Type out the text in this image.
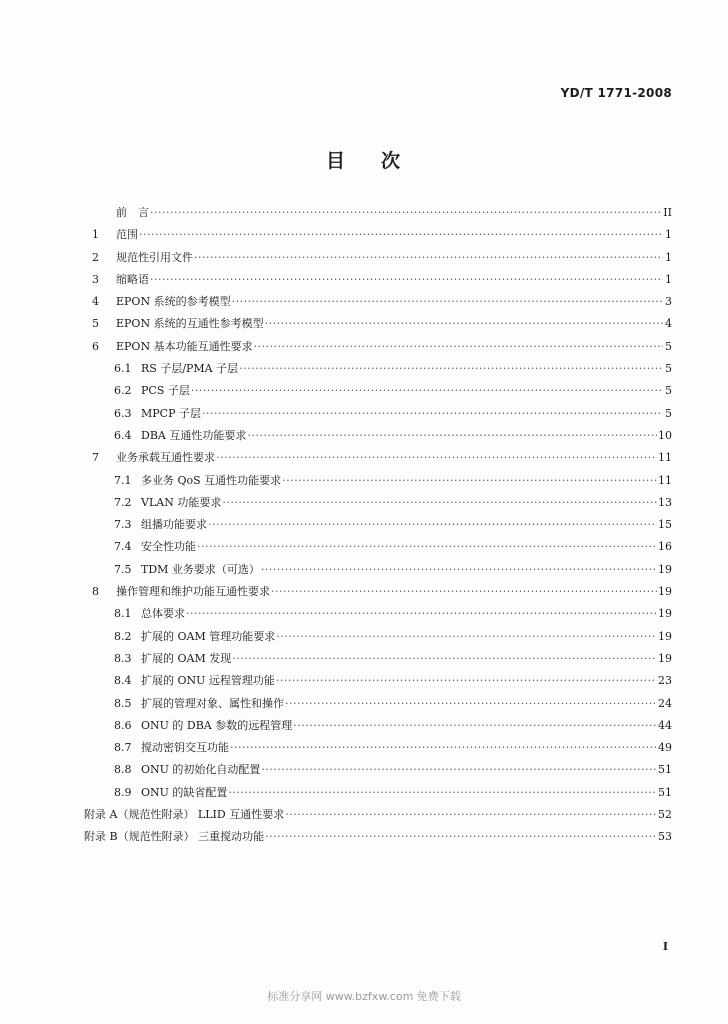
YD/T 1771-2008
目 次
前　言 ·····	II
1	范围 ·····	1
2	规范性引用文件 ·····	1
3	缩略语 ·····	1
4	EPON 系统的参考模型 ·····	3
5	EPON 系统的互通性参考模型 ·····	4
6	EPON 基本功能互通性要求 ·····	5
6.1 RS 子层/PMA 子层 ·····	5
6.2 PCS 子层 ·····	5
6.3 MPCP 子层 ·····	5
6.4 DBA 互通性功能要求 ·····	10
7	业务承载互通性要求 ·····	11
7.1 多业务 QoS 互通性功能要求 ·····	11
7.2 VLAN 功能要求 ·····	13
7.3 组播功能要求 ·····	15
7.4 安全性功能 ·····	16
7.5 TDM 业务要求（可选） ·····	19
8	操作管理和维护功能互通性要求 ·····	19
8.1 总体要求 ·····	19
8.2 扩展的 OAM 管理功能要求 ·····	19
8.3 扩展的 OAM 发现 ·····	19
8.4 扩展的 ONU 远程管理功能 ·····	23
8.5 扩展的管理对象、属性和操作 ·····	24
8.6 ONU 的 DBA 参数的远程管理 ·····	44
8.7 搅动密钥交互功能 ·····	49
8.8 ONU 的初始化自动配置 ·····	51
8.9 ONU 的缺省配置 ·····	51
附录 A（规范性附录） LLID 互通性要求 ·····	52
附录 B（规范性附录） 三重搅动功能 ·····	53
I
标准分享网 www.bzfxw.com 免费下载
